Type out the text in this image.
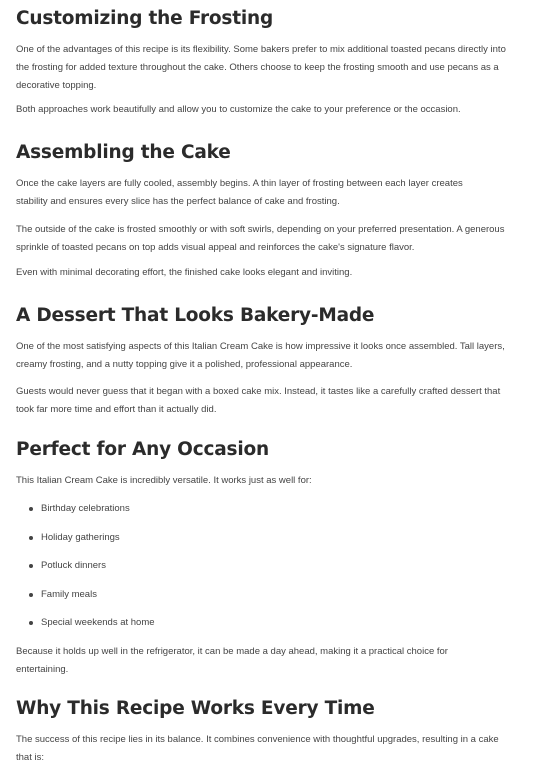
Customizing the Frosting

One of the advantages of this recipe is its flexibility. Some bakers prefer to mix additional toasted pecans directly into the frosting for added texture throughout the cake. Others choose to keep the frosting smooth and use pecans as a decorative topping.

Both approaches work beautifully and allow you to customize the cake to your preference or the occasion.

Assembling the Cake

Once the cake layers are fully cooled, assembly begins. A thin layer of frosting between each layer creates stability and ensures every slice has the perfect balance of cake and frosting.

The outside of the cake is frosted smoothly or with soft swirls, depending on your preferred presentation. A generous sprinkle of toasted pecans on top adds visual appeal and reinforces the cake's signature flavor.

Even with minimal decorating effort, the finished cake looks elegant and inviting.

A Dessert That Looks Bakery-Made

One of the most satisfying aspects of this Italian Cream Cake is how impressive it looks once assembled. Tall layers, creamy frosting, and a nutty topping give it a polished, professional appearance.

Guests would never guess that it began with a boxed cake mix. Instead, it tastes like a carefully crafted dessert that took far more time and effort than it actually did.

Perfect for Any Occasion

This Italian Cream Cake is incredibly versatile. It works just as well for:

Birthday celebrations
Holiday gatherings
Potluck dinners
Family meals
Special weekends at home

Because it holds up well in the refrigerator, it can be made a day ahead, making it a practical choice for entertaining.

Why This Recipe Works Every Time

The success of this recipe lies in its balance. It combines convenience with thoughtful upgrades, resulting in a cake that is:
